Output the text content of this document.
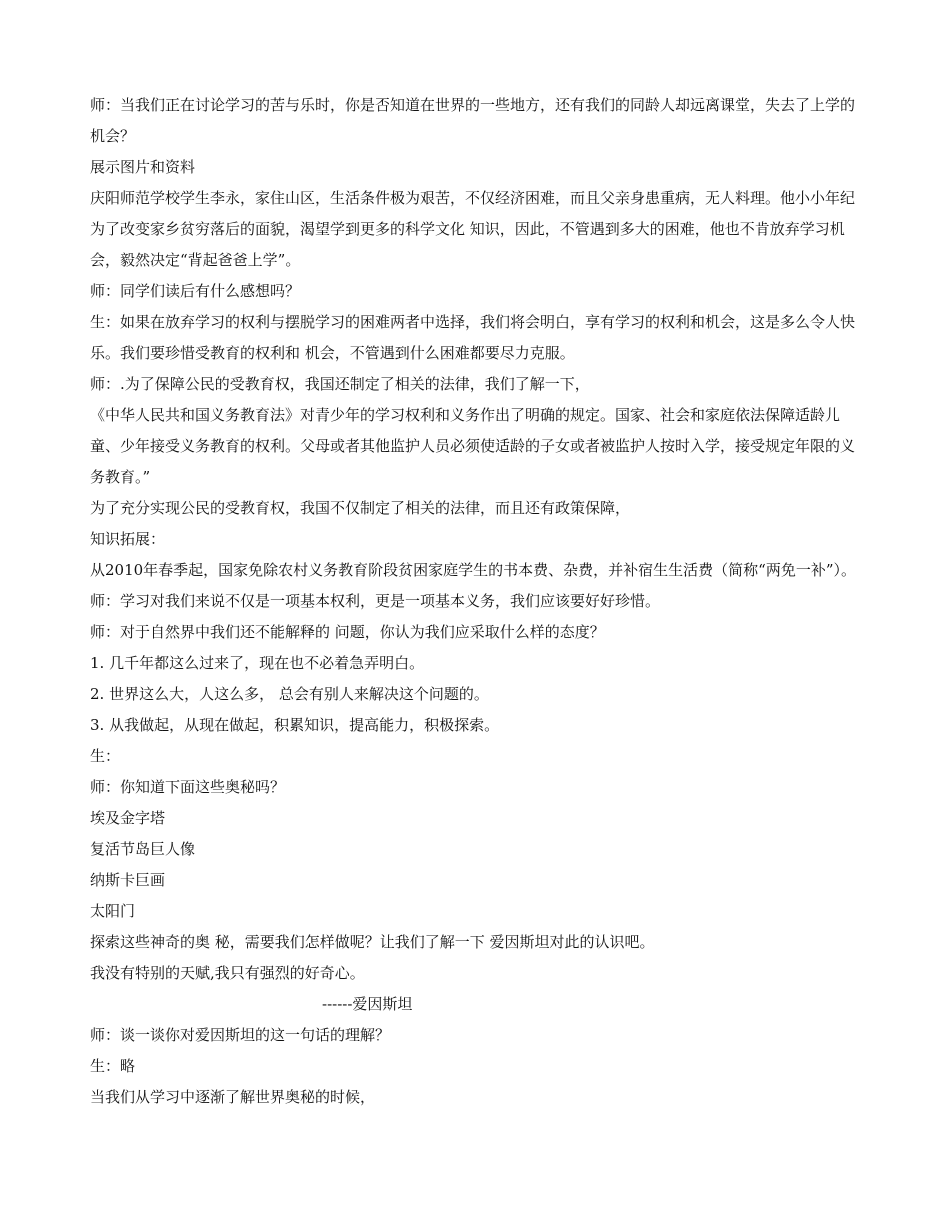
师：当我们正在讨论学习的苦与乐时，你是否知道在世界的一些地方，还有我们的同龄人却远离课堂，失去了上学的机会？

展示图片和资料

庆阳师范学校学生李永，家住山区，生活条件极为艰苦，不仅经济困难，而且父亲身患重病，无人料理。他小小年纪为了改变家乡贫穷落后的面貌，渴望学到更多的科学文化 知识，因此，不管遇到多大的困难，他也不肯放弃学习机会，毅然决定“背起爸爸上学”。

师：同学们读后有什么感想吗？

生：如果在放弃学习的权利与摆脱学习的困难两者中选择，我们将会明白，享有学习的权利和机会，这是多么令人快乐。我们要珍惜受教育的权利和 机会，不管遇到什么困难都要尽力克服。

师：.为了保障公民的受教育权，我国还制定了相关的法律，我们了解一下，

《中华人民共和国义务教育法》对青少年的学习权利和义务作出了明确的规定。国家、社会和家庭依法保障适龄儿童、少年接受义务教育的权利。父母或者其他监护人员必须使适龄的子女或者被监护人按时入学，接受规定年限的义务教育。”

为了充分实现公民的受教育权，我国不仅制定了相关的法律，而且还有政策保障，

知识拓展：

从2010年春季起，国家免除农村义务教育阶段贫困家庭学生的书本费、杂费，并补宿生生活费（简称“两免一补”）。

师：学习对我们来说不仅是一项基本权利，更是一项基本义务，我们应该要好好珍惜。

师：对于自然界中我们还不能解释的 问题，你认为我们应采取什么样的态度？

1. 几千年都这么过来了，现在也不必着急弄明白。

2. 世界这么大，人这么多， 总会有别人来解决这个问题的。

3. 从我做起，从现在做起，积累知识，提高能力，积极探索。

生：

师：你知道下面这些奥秘吗？

埃及金字塔

复活节岛巨人像

纳斯卡巨画

太阳门

探索这些神奇的奥 秘，需要我们怎样做呢？让我们了解一下 爱因斯坦对此的认识吧。

我没有特别的天赋,我只有强烈的好奇心。

------爱因斯坦

师：谈一谈你对爱因斯坦的这一句话的理解？

生：略

当我们从学习中逐渐了解世界奥秘的时候，
